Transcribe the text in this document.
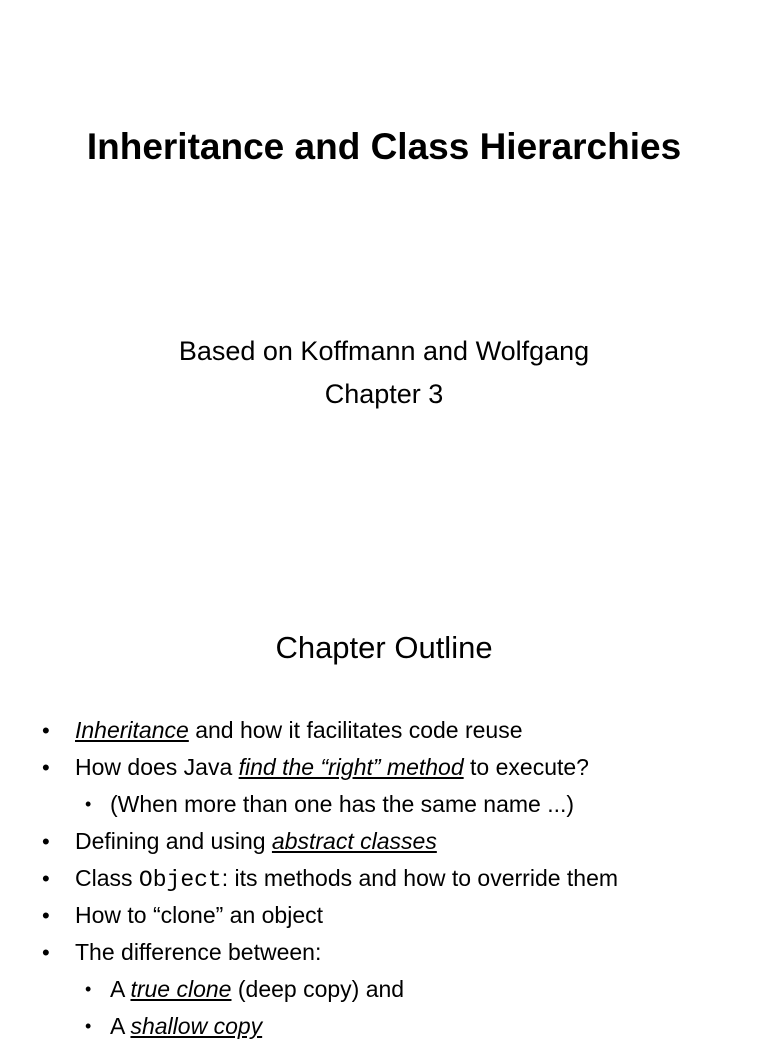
Inheritance and Class Hierarchies
Based on Koffmann and Wolfgang
Chapter 3
Chapter Outline
• Inheritance and how it facilitates code reuse
• How does Java find the “right” method to execute?
• (When more than one has the same name ...)
• Defining and using abstract classes
• Class Object: its methods and how to override them
• How to “clone” an object
• The difference between:
• A true clone (deep copy) and
• A shallow copy
